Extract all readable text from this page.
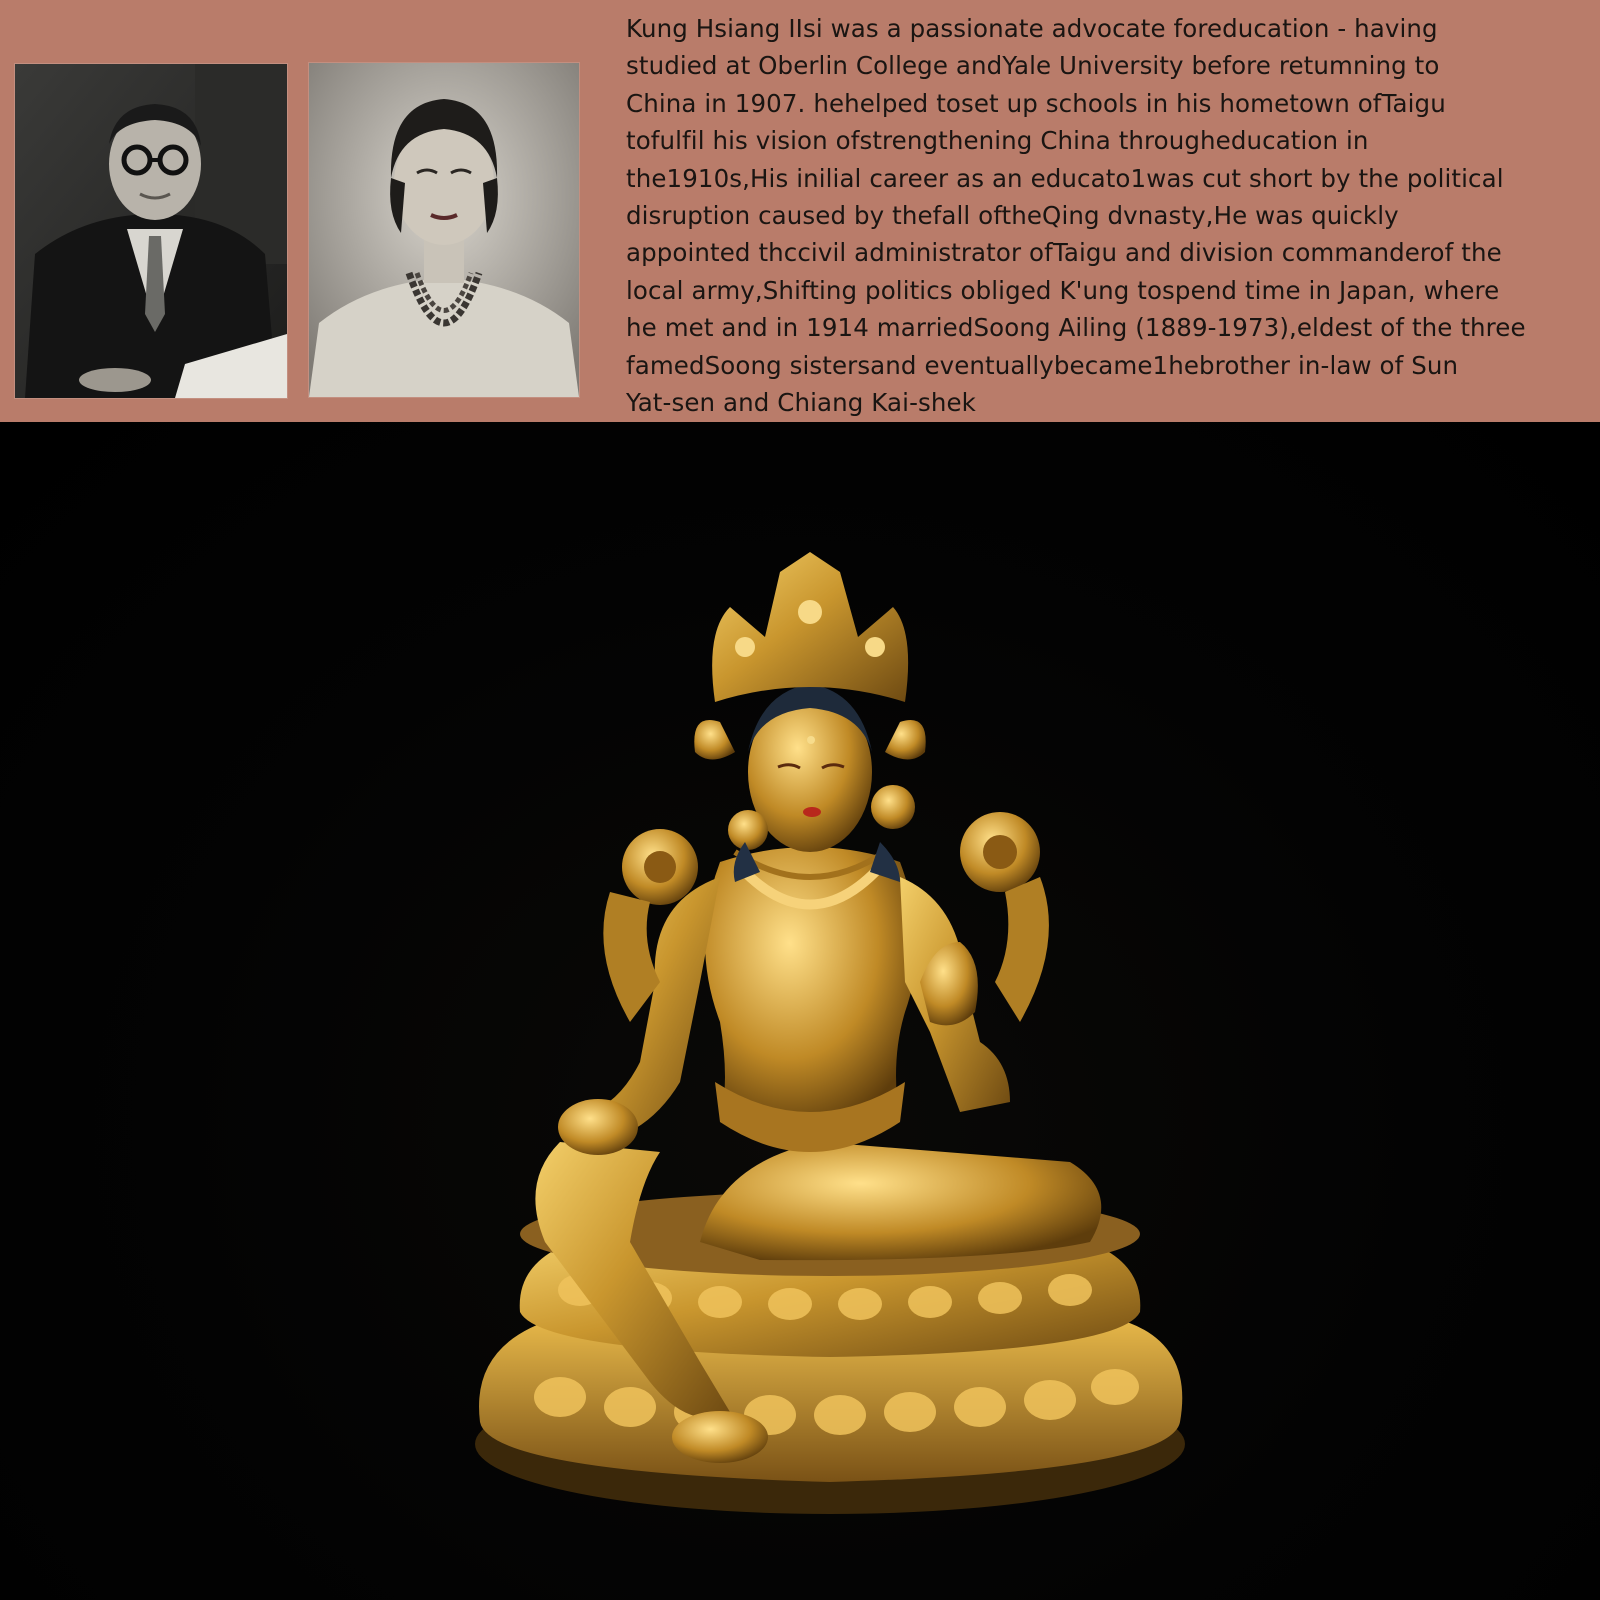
Kung Hsiang IIsi was a passionate advocate foreducation - having
studied at Oberlin College andYale University before retumning to
China in 1907. hehelped toset up schools in his hometown ofTaigu
tofulfil his vision ofstrengthening China througheducation in
the1910s,His inilial career as an educato1was cut short by the political
disruption caused by thefall oftheQing dvnasty,He was quickly
appointed thccivil administrator ofTaigu and division commanderof the
local army,Shifting politics obliged K'ung tospend time in Japan, where
he met and in 1914 marriedSoong Ailing (1889-1973),eldest of the three
famedSoong sistersand eventuallybecame1hebrother in-law of Sun
Yat-sen and Chiang Kai-shek
